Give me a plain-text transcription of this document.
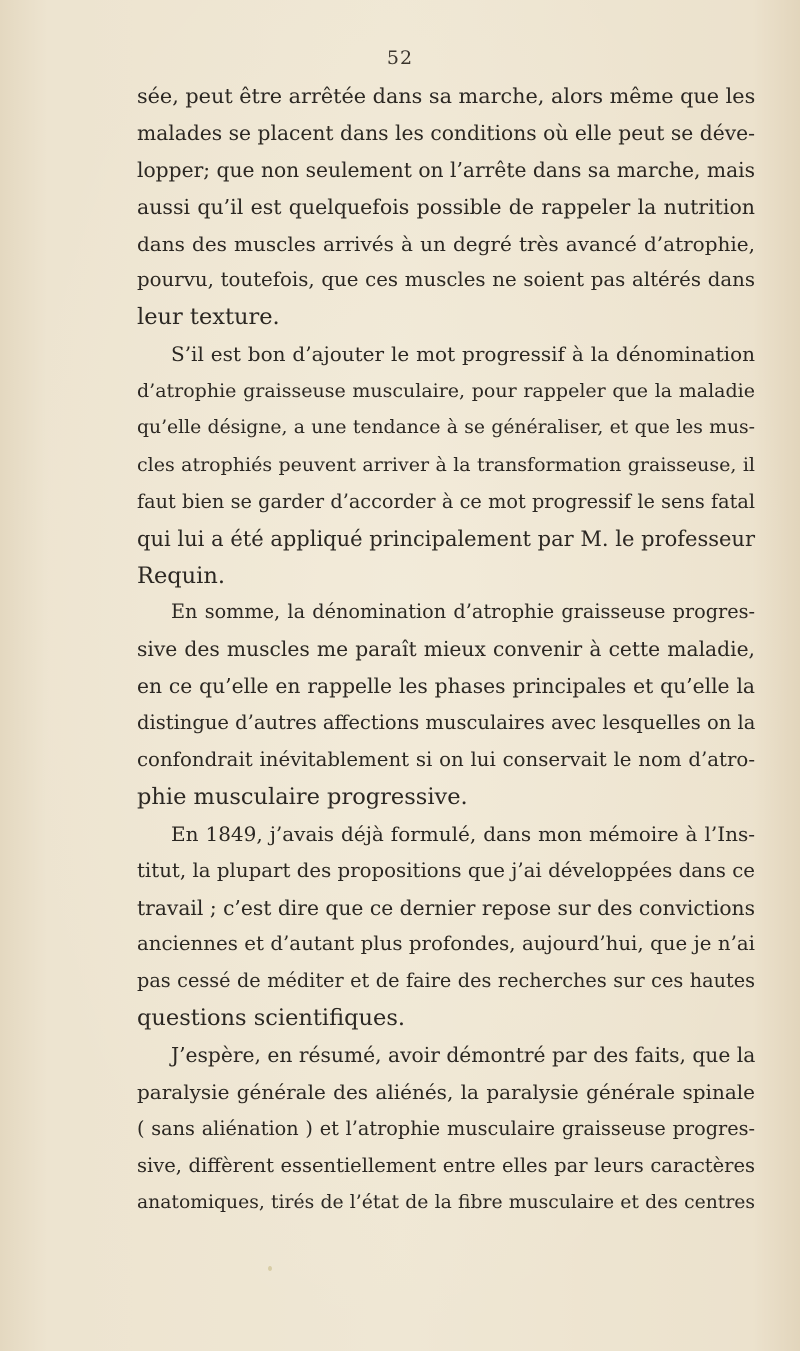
52
sée, peut être arrêtée dans sa marche, alors même que les
malades se placent dans les conditions où elle peut se déve-
lopper; que non seulement on l’arrête dans sa marche, mais
aussi qu’il est quelquefois possible de rappeler la nutrition
dans des muscles arrivés à un degré très avancé d’atrophie,
pourvu, toutefois, que ces muscles ne soient pas altérés dans
leur texture.
S’il est bon d’ajouter le mot progressif à la dénomination
d’atrophie graisseuse musculaire, pour rappeler que la maladie
qu’elle désigne, a une tendance à se généraliser, et que les mus-
cles atrophiés peuvent arriver à la transformation graisseuse, il
faut bien se garder d’accorder à ce mot progressif le sens fatal
qui lui a été appliqué principalement par M. le professeur
Requin.
En somme, la dénomination d’atrophie graisseuse progres-
sive des muscles me paraît mieux convenir à cette maladie,
en ce qu’elle en rappelle les phases principales et qu’elle la
distingue d’autres affections musculaires avec lesquelles on la
confondrait inévitablement si on lui conservait le nom d’atro-
phie musculaire progressive.
En 1849, j’avais déjà formulé, dans mon mémoire à l’Ins-
titut, la plupart des propositions que j’ai développées dans ce
travail ; c’est dire que ce dernier repose sur des convictions
anciennes et d’autant plus profondes, aujourd’hui, que je n’ai
pas cessé de méditer et de faire des recherches sur ces hautes
questions scientifiques.
J’espère, en résumé, avoir démontré par des faits, que la
paralysie générale des aliénés, la paralysie générale spinale
( sans aliénation ) et l’atrophie musculaire graisseuse progres-
sive, diffèrent essentiellement entre elles par leurs caractères
anatomiques, tirés de l’état de la fibre musculaire et des centres
